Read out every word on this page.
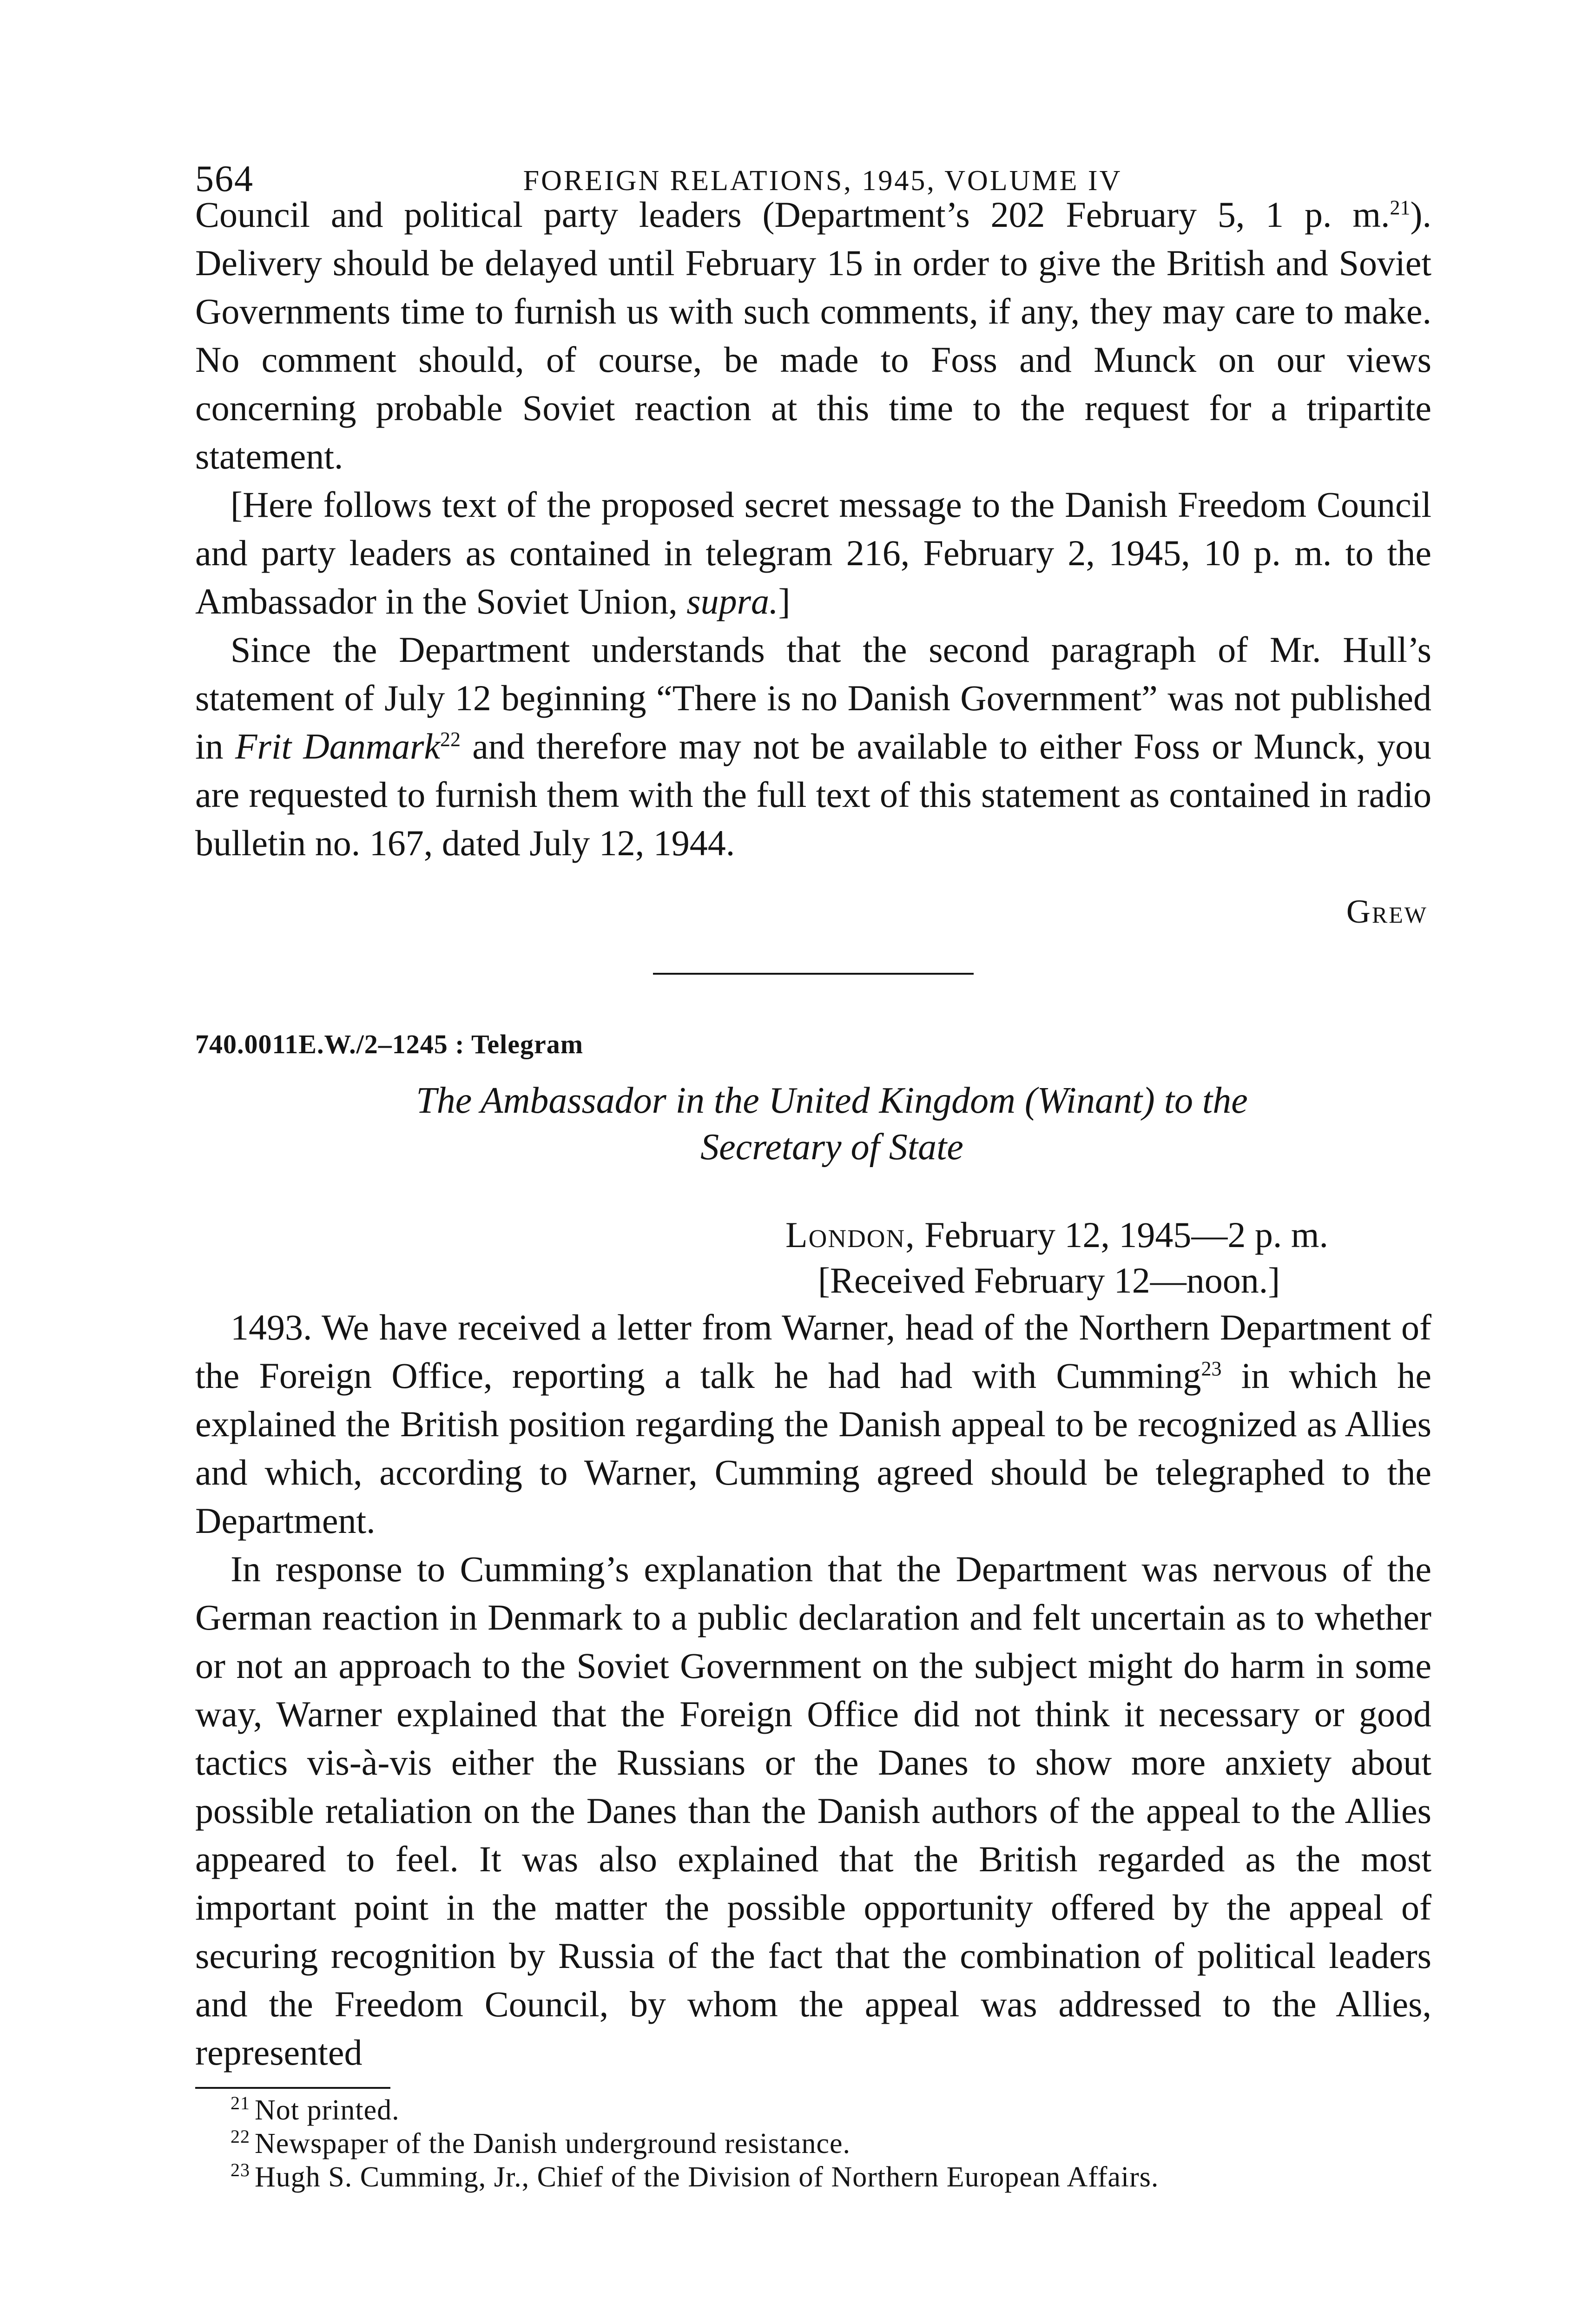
564	FOREIGN RELATIONS, 1945, VOLUME IV

Council and political party leaders (Department’s 202 February 5, 1 p. m.$^{21}$). Delivery should be delayed until February 15 in order to give the British and Soviet Governments time to furnish us with such comments, if any, they may care to make. No comment should, of course, be made to Foss and Munck on our views concerning probable Soviet reaction at this time to the request for a tripartite statement.

[Here follows text of the proposed secret message to the Danish Freedom Council and party leaders as contained in telegram 216, February 2, 1945, 10 p. m. to the Ambassador in the Soviet Union, supra.]

Since the Department understands that the second paragraph of Mr. Hull’s statement of July 12 beginning “There is no Danish Government” was not published in Frit Danmark$^{22}$ and therefore may not be available to either Foss or Munck, you are requested to furnish them with the full text of this statement as contained in radio bulletin no. 167, dated July 12, 1944.

Grew
740.0011E.W./2–1245 : Telegram
The Ambassador in the United Kingdom (Winant) to the
Secretary of State
London, February 12, 1945—2 p. m.
[Received February 12—noon.]

1493. We have received a letter from Warner, head of the Northern Department of the Foreign Office, reporting a talk he had had with Cumming$^{23}$ in which he explained the British position regarding the Danish appeal to be recognized as Allies and which, according to Warner, Cumming agreed should be telegraphed to the Department.

In response to Cumming’s explanation that the Department was nervous of the German reaction in Denmark to a public declaration and felt uncertain as to whether or not an approach to the Soviet Government on the subject might do harm in some way, Warner explained that the Foreign Office did not think it necessary or good tactics vis-à-vis either the Russians or the Danes to show more anxiety about possible retaliation on the Danes than the Danish authors of the appeal to the Allies appeared to feel. It was also explained that the British regarded as the most important point in the matter the possible opportunity offered by the appeal of securing recognition by Russia of the fact that the combination of political leaders and the Freedom Council, by whom the appeal was addressed to the Allies, represented

$^{21}$ Not printed.
$^{22}$ Newspaper of the Danish underground resistance.
$^{23}$ Hugh S. Cumming, Jr., Chief of the Division of Northern European Affairs.
